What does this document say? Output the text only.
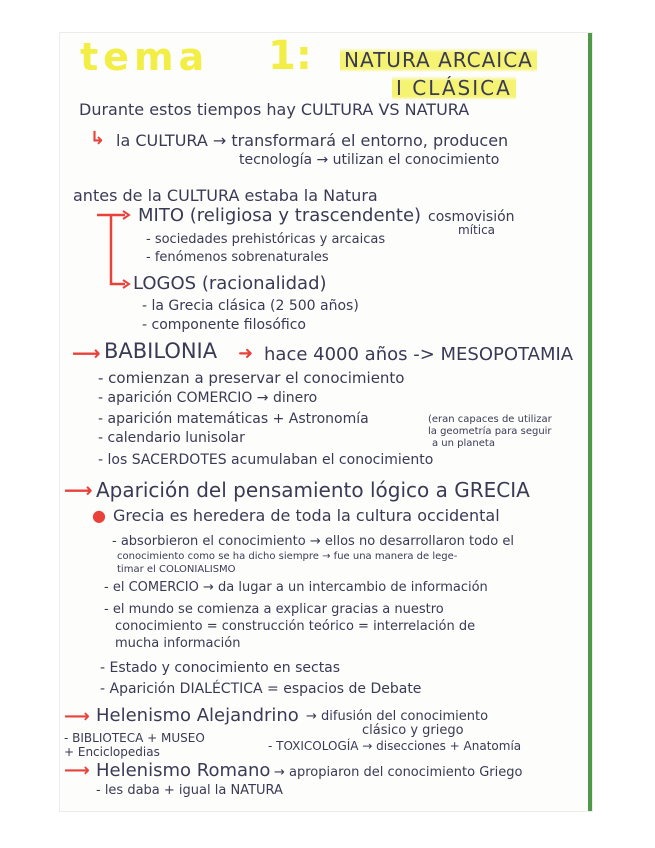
tema 1: NATURA ARCAICA
I CLÁSICA
Durante estos tiempos hay CULTURA VS NATURA
↳ la CULTURA → transformará el entorno, producen
tecnología → utilizan el conocimiento
antes de la CULTURA estaba la Natura
MITO (religiosa y trascendente) cosmovisión
mítica
- sociedades prehistóricas y arcaicas
- fenómenos sobrenaturales
LOGOS (racionalidad)
- la Grecia clásica (2 500 años)
- componente filosófico
⟶ BABILONIA ➜ hace 4000 años -> MESOPOTAMIA
- comienzan a preservar el conocimiento
- aparición COMERCIO → dinero
- aparición matemáticas + Astronomía	(eran capaces de utilizar
la geometría para seguir
a un planeta
- calendario lunisolar
- los SACERDOTES acumulaban el conocimiento
⟶ Aparición del pensamiento lógico a GRECIA
● Grecia es heredera de toda la cultura occidental
- absorbieron el conocimiento → ellos no desarrollaron todo el
conocimiento como se ha dicho siempre → fue una manera de lege-
timar el COLONIALISMO
- el COMERCIO → da lugar a un intercambio de información
- el mundo se comienza a explicar gracias a nuestro
conocimiento = construcción teórico = interrelación de
mucha información
- Estado y conocimiento en sectas
- Aparición DIALÉCTICA = espacios de Debate
⟶ Helenismo Alejandrino → difusión del conocimiento
clásico y griego
- BIBLIOTECA + MUSEO
+ Enciclopedias	- TOXICOLOGÍA → disecciones + Anatomía
⟶ Helenismo Romano → apropiaron del conocimiento Griego
- les daba + igual la NATURA
